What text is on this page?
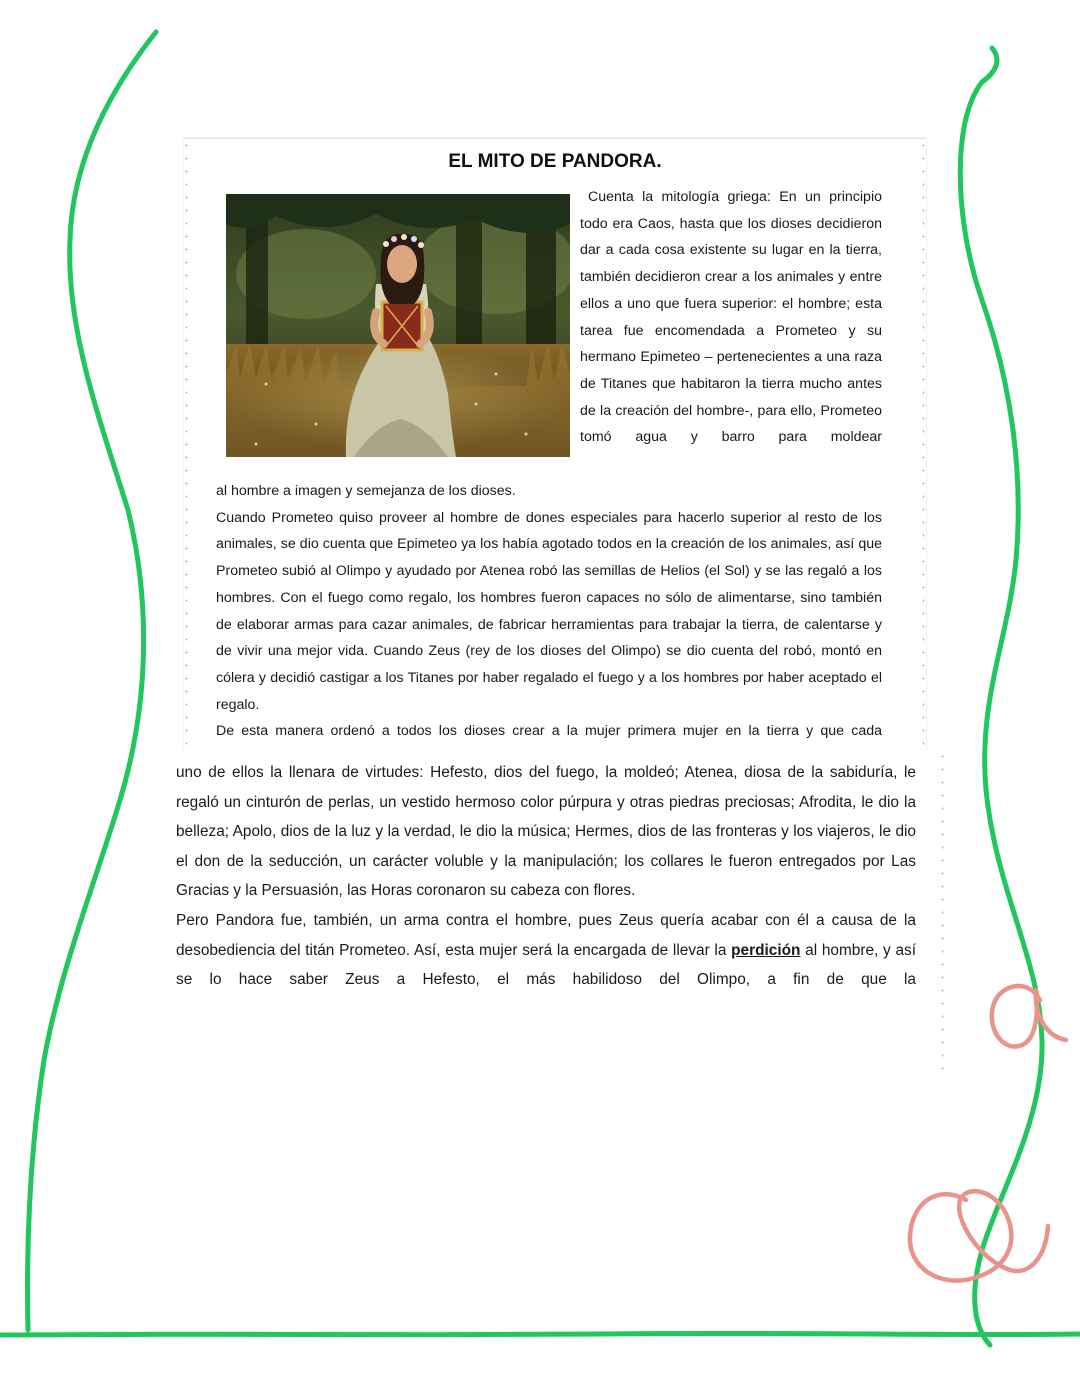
EL MITO DE PANDORA.
Cuenta la mitología griega: En un principio todo era Caos, hasta que los dioses decidieron dar a cada cosa existente su lugar en la tierra, también decidieron crear a los animales y entre ellos a uno que fuera superior: el hombre; esta tarea fue encomendada a Prometeo y su hermano Epimeteo – pertenecientes a una raza de Titanes que habitaron la tierra mucho antes de la creación del hombre-, para ello, Prometeo tomó agua y barro para moldear

al hombre a imagen y semejanza de los dioses.

Cuando Prometeo quiso proveer al hombre de dones especiales para hacerlo superior al resto de los animales, se dio cuenta que Epimeteo ya los había agotado todos en la creación de los animales, así que Prometeo subió al Olimpo y ayudado por Atenea robó las semillas de Helios (el Sol) y se las regaló a los hombres. Con el fuego como regalo, los hombres fueron capaces no sólo de alimentarse, sino también de elaborar armas para cazar animales, de fabricar herramientas para trabajar la tierra, de calentarse y de vivir una mejor vida. Cuando Zeus (rey de los dioses del Olimpo) se dio cuenta del robó, montó en cólera y decidió castigar a los Titanes por haber regalado el fuego y a los hombres por haber aceptado el regalo.

De esta manera ordenó a todos los dioses crear a la mujer primera mujer en la tierra y que cada

uno de ellos la llenara de virtudes: Hefesto, dios del fuego, la moldeó; Atenea, diosa de la sabiduría, le regaló un cinturón de perlas, un vestido hermoso color púrpura y otras piedras preciosas; Afrodita, le dio la belleza; Apolo, dios de la luz y la verdad, le dio la música; Hermes, dios de las fronteras y los viajeros, le dio el don de la seducción, un carácter voluble y la manipulación; los collares le fueron entregados por Las Gracias y la Persuasión, las Horas coronaron su cabeza con flores.

Pero Pandora fue, también, un arma contra el hombre, pues Zeus quería acabar con él a causa de la desobediencia del titán Prometeo. Así, esta mujer será la encargada de llevar la perdición al hombre, y así se lo hace saber Zeus a Hefesto, el más habilidoso del Olimpo, a fin de que la
